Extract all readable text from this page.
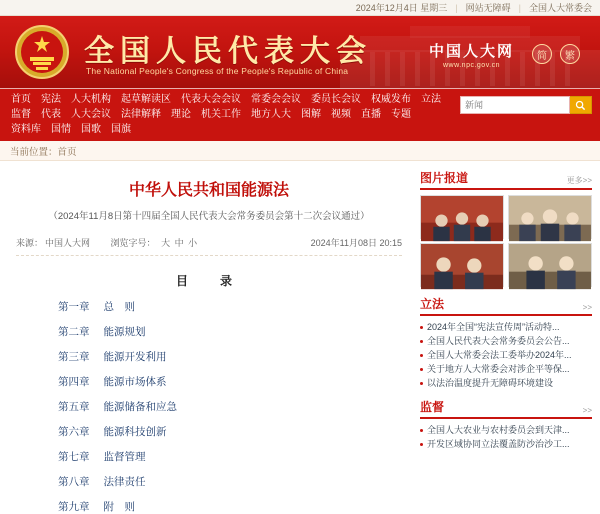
2024年12月4日 星期三 | 网站无障碍 | 全国人大常委会
全国人民代表大会
The National People's Congress of the People's Republic of China
中国人大网
www.npc.gov.cn
简	繁
首页	宪法	人大机构	起草解读区	代表大会会议	常委会会议	委员长会议	权威发布	立法
监督	代表	人大会议	法律解释	理论	机关工作	地方人大	图解	视频	直播	专题
资料库	国情	国歌	国旗
新闻
当前位置： 首页
中华人民共和国能源法
（2024年11月8日第十四届全国人民代表大会常务委员会第十二次会议通过）
来源： 中国人大网 浏览字号： 大 中 小	2024年11月08日 20:15
目　录
第一章 总　则
第二章 能源规划
第三章 能源开发利用
第四章 能源市场体系
第五章 能源储备和应急
第六章 能源科技创新
第七章 监督管理
第八章 法律责任
第九章 附　则
图片报道	更多>>
立法	>>
2024年全国“宪法宣传周”活动特...
全国人民代表大会常务委员会公告...
全国人大常委会法工委举办2024年...
关于地方人大常委会对涉企平等保...
以法治温度提升无障碍环境建设
监督	>>
全国人大农业与农村委员会到天津...
开发区域协同立法覆盖防沙治沙工...
